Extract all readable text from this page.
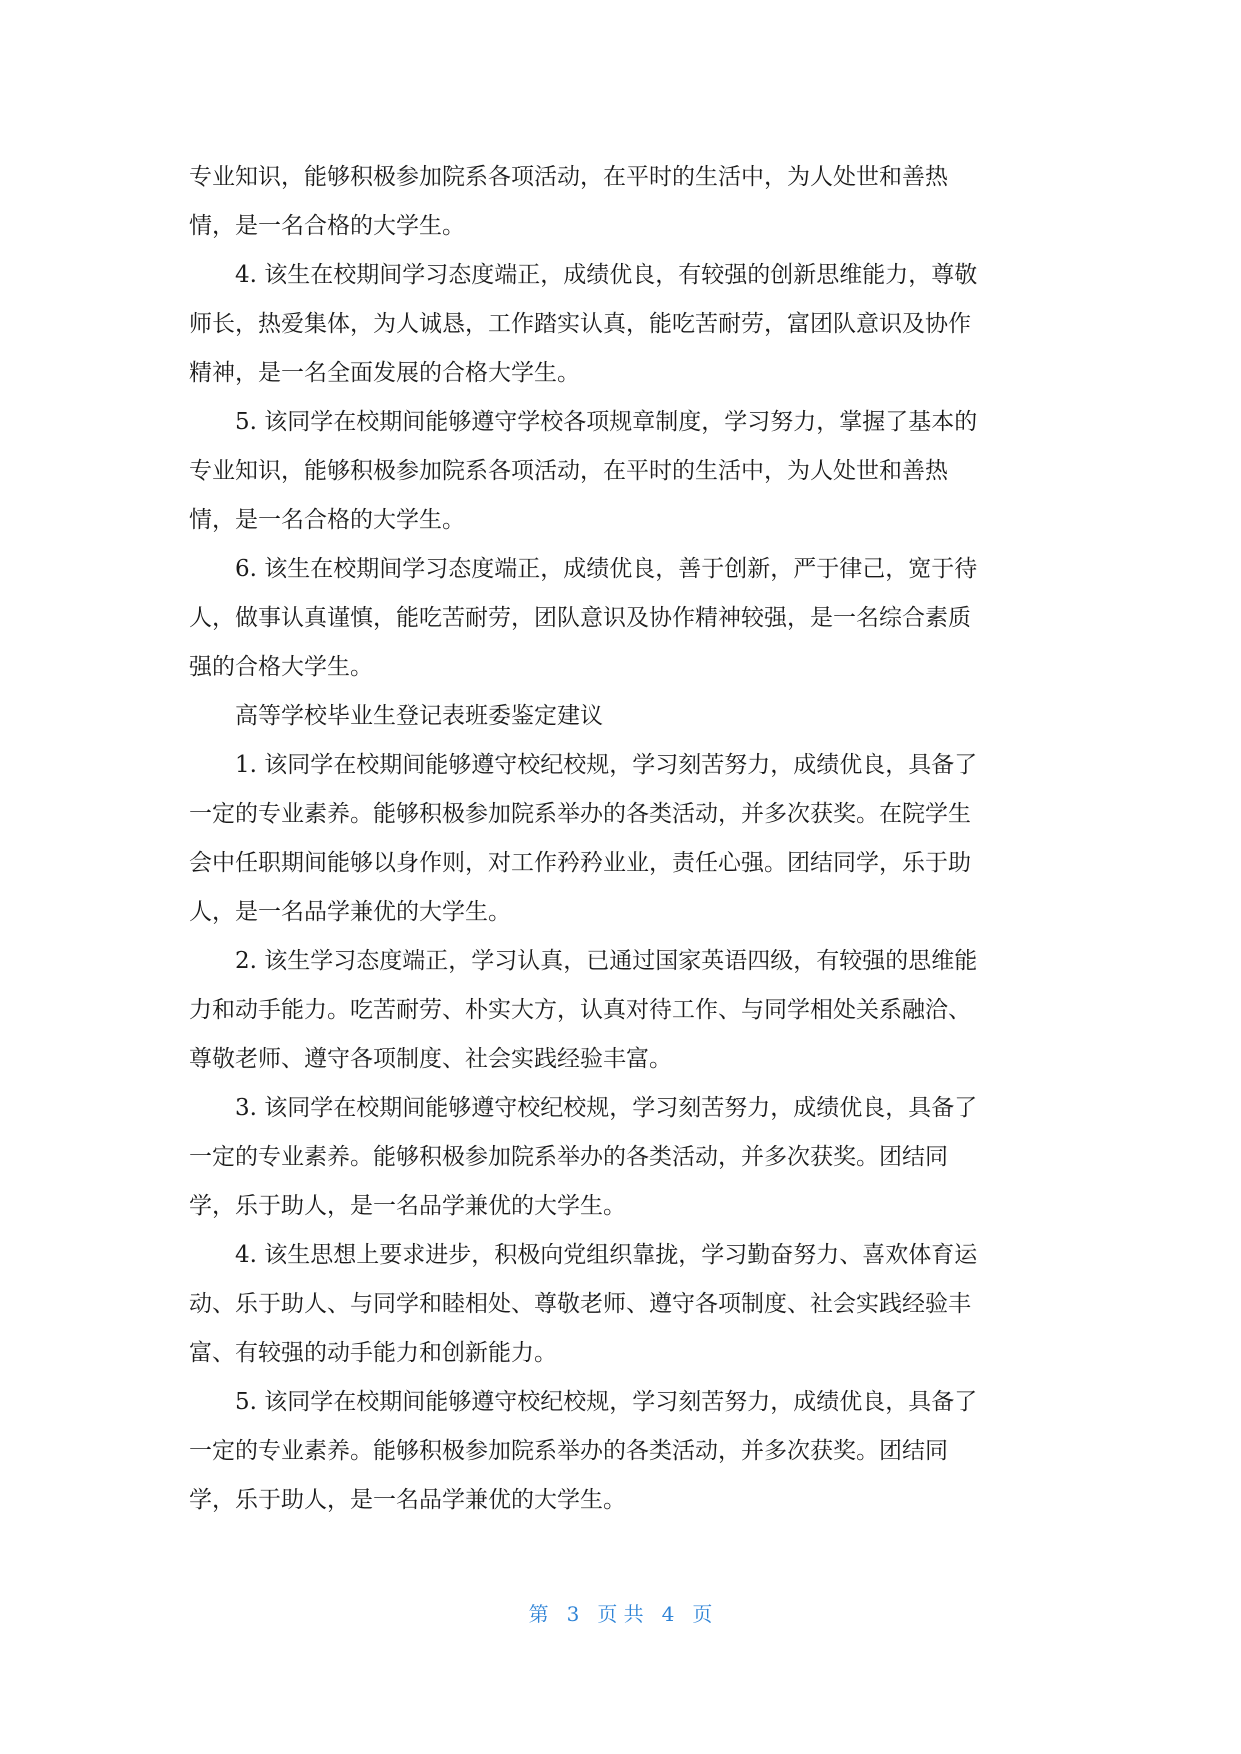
专业知识，能够积极参加院系各项活动，在平时的生活中，为人处世和善热
情，是一名合格的大学生。
4. 该生在校期间学习态度端正，成绩优良，有较强的创新思维能力，尊敬
师长，热爱集体，为人诚恳，工作踏实认真，能吃苦耐劳，富团队意识及协作
精神，是一名全面发展的合格大学生。
5. 该同学在校期间能够遵守学校各项规章制度，学习努力，掌握了基本的
专业知识，能够积极参加院系各项活动，在平时的生活中，为人处世和善热
情，是一名合格的大学生。
6. 该生在校期间学习态度端正，成绩优良，善于创新，严于律己，宽于待
人，做事认真谨慎，能吃苦耐劳，团队意识及协作精神较强，是一名综合素质
强的合格大学生。
高等学校毕业生登记表班委鉴定建议
1. 该同学在校期间能够遵守校纪校规，学习刻苦努力，成绩优良，具备了
一定的专业素养。能够积极参加院系举办的各类活动，并多次获奖。在院学生
会中任职期间能够以身作则，对工作矜矜业业，责任心强。团结同学，乐于助
人，是一名品学兼优的大学生。
2. 该生学习态度端正，学习认真，已通过国家英语四级，有较强的思维能
力和动手能力。吃苦耐劳、朴实大方，认真对待工作、与同学相处关系融洽、
尊敬老师、遵守各项制度、社会实践经验丰富。
3. 该同学在校期间能够遵守校纪校规，学习刻苦努力，成绩优良，具备了
一定的专业素养。能够积极参加院系举办的各类活动，并多次获奖。团结同
学，乐于助人，是一名品学兼优的大学生。
4. 该生思想上要求进步，积极向党组织靠拢，学习勤奋努力、喜欢体育运
动、乐于助人、与同学和睦相处、尊敬老师、遵守各项制度、社会实践经验丰
富、有较强的动手能力和创新能力。
5. 该同学在校期间能够遵守校纪校规，学习刻苦努力，成绩优良，具备了
一定的专业素养。能够积极参加院系举办的各类活动，并多次获奖。团结同
学，乐于助人，是一名品学兼优的大学生。
第 3 页 共 4 页
